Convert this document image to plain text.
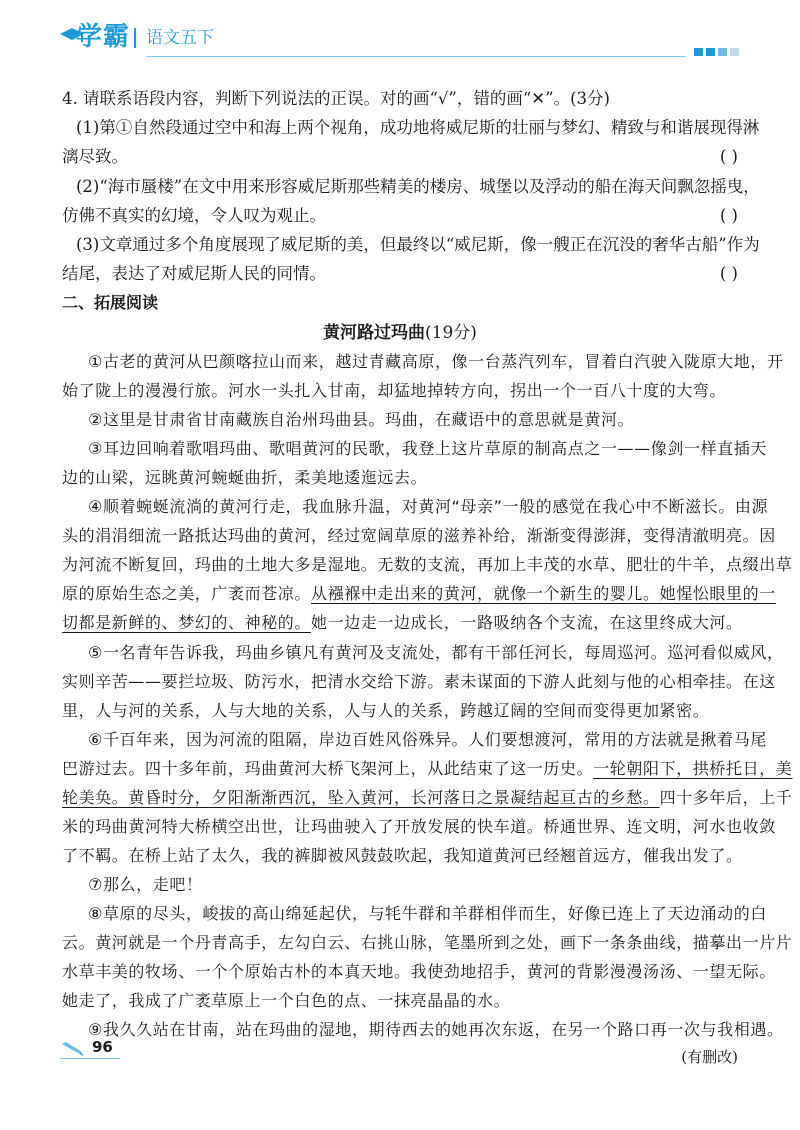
学霸 语文五下
4. 请联系语段内容，判断下列说法的正误。对的画“√”，错的画“✕”。(3分)
(1)第①自然段通过空中和海上两个视角，成功地将威尼斯的壮丽与梦幻、精致与和谐展现得淋
漓尽致。	( )
(2)“海市蜃楼”在文中用来形容威尼斯那些精美的楼房、城堡以及浮动的船在海天间飘忽摇曳，
仿佛不真实的幻境，令人叹为观止。	( )
(3)文章通过多个角度展现了威尼斯的美，但最终以“威尼斯，像一艘正在沉没的奢华古船”作为
结尾，表达了对威尼斯人民的同情。	( )
二、拓展阅读
黄河路过玛曲(19分)
①古老的黄河从巴颜喀拉山而来，越过青藏高原，像一台蒸汽列车，冒着白汽驶入陇原大地，开
始了陇上的漫漫行旅。河水一头扎入甘南，却猛地掉转方向，拐出一个一百八十度的大弯。
②这里是甘肃省甘南藏族自治州玛曲县。玛曲，在藏语中的意思就是黄河。
③耳边回响着歌唱玛曲、歌唱黄河的民歌，我登上这片草原的制高点之一——像剑一样直插天
边的山梁，远眺黄河蜿蜒曲折，柔美地逶迤远去。
④顺着蜿蜒流淌的黄河行走，我血脉升温，对黄河“母亲”一般的感觉在我心中不断滋长。由源
头的涓涓细流一路抵达玛曲的黄河，经过宽阔草原的滋养补给，渐渐变得澎湃，变得清澈明亮。因
为河流不断复回，玛曲的土地大多是湿地。无数的支流，再加上丰茂的水草、肥壮的牛羊，点缀出草
原的原始生态之美，广袤而苍凉。从襁褓中走出来的黄河，就像一个新生的婴儿。她惺忪眼里的一
切都是新鲜的、梦幻的、神秘的。她一边走一边成长，一路吸纳各个支流，在这里终成大河。
⑤一名青年告诉我，玛曲乡镇凡有黄河及支流处，都有干部任河长，每周巡河。巡河看似威风，
实则辛苦——要拦垃圾、防污水，把清水交给下游。素未谋面的下游人此刻与他的心相牵挂。在这
里，人与河的关系，人与大地的关系，人与人的关系，跨越辽阔的空间而变得更加紧密。
⑥千百年来，因为河流的阻隔，岸边百姓风俗殊异。人们要想渡河，常用的方法就是揪着马尾
巴游过去。四十多年前，玛曲黄河大桥飞架河上，从此结束了这一历史。一轮朝阳下，拱桥托日，美
轮美奂。黄昏时分，夕阳渐渐西沉，坠入黄河，长河落日之景凝结起亘古的乡愁。四十多年后，上千
米的玛曲黄河特大桥横空出世，让玛曲驶入了开放发展的快车道。桥通世界、连文明，河水也收敛
了不羁。在桥上站了太久，我的裤脚被风鼓鼓吹起，我知道黄河已经翘首远方，催我出发了。
⑦那么，走吧！
⑧草原的尽头，峻拔的高山绵延起伏，与牦牛群和羊群相伴而生，好像已连上了天边涌动的白
云。黄河就是一个丹青高手，左勾白云、右挑山脉，笔墨所到之处，画下一条条曲线，描摹出一片片
水草丰美的牧场、一个个原始古朴的本真天地。我使劲地招手，黄河的背影漫漫汤汤、一望无际。
她走了，我成了广袤草原上一个白色的点、一抹亮晶晶的水。
⑨我久久站在甘南，站在玛曲的湿地，期待西去的她再次东返，在另一个路口再一次与我相遇。
(有删改)
96
